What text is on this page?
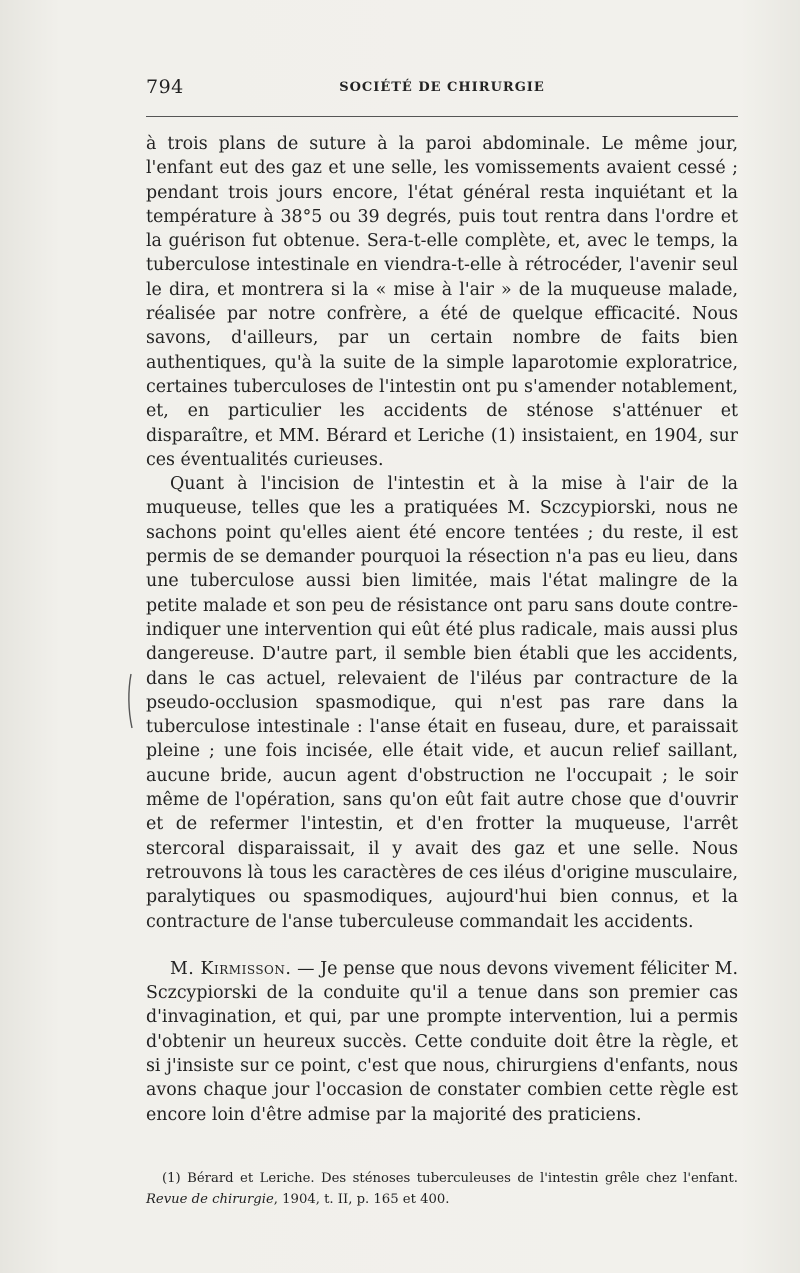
794	SOCIÉTÉ DE CHIRURGIE

à trois plans de suture à la paroi abdominale. Le même jour, l'enfant eut des gaz et une selle, les vomissements avaient cessé ; pendant trois jours encore, l'état général resta inquiétant et la température à 38°5 ou 39 degrés, puis tout rentra dans l'ordre et la guérison fut obtenue. Sera-t-elle complète, et, avec le temps, la tuberculose intestinale en viendra-t-elle à rétrocéder, l'avenir seul le dira, et montrera si la « mise à l'air » de la muqueuse malade, réalisée par notre confrère, a été de quelque efficacité. Nous savons, d'ailleurs, par un certain nombre de faits bien authentiques, qu'à la suite de la simple laparotomie exploratrice, certaines tuberculoses de l'intestin ont pu s'amender notablement, et, en particulier les accidents de sténose s'atténuer et disparaître, et MM. Bérard et Leriche (1) insistaient, en 1904, sur ces éventualités curieuses.

Quant à l'incision de l'intestin et à la mise à l'air de la muqueuse, telles que les a pratiquées M. Sczcypiorski, nous ne sachons point qu'elles aient été encore tentées ; du reste, il est permis de se demander pourquoi la résection n'a pas eu lieu, dans une tuberculose aussi bien limitée, mais l'état malingre de la petite malade et son peu de résistance ont paru sans doute contre-indiquer une intervention qui eût été plus radicale, mais aussi plus dangereuse. D'autre part, il semble bien établi que les accidents, dans le cas actuel, relevaient de l'iléus par contracture de la pseudo-occlusion spasmodique, qui n'est pas rare dans la tuberculose intestinale : l'anse était en fuseau, dure, et paraissait pleine ; une fois incisée, elle était vide, et aucun relief saillant, aucune bride, aucun agent d'obstruction ne l'occupait ; le soir même de l'opération, sans qu'on eût fait autre chose que d'ouvrir et de refermer l'intestin, et d'en frotter la muqueuse, l'arrêt stercoral disparaissait, il y avait des gaz et une selle. Nous retrouvons là tous les caractères de ces iléus d'origine musculaire, paralytiques ou spasmodiques, aujourd'hui bien connus, et la contracture de l'anse tuberculeuse commandait les accidents.

M. Kirmisson. — Je pense que nous devons vivement féliciter M. Sczcypiorski de la conduite qu'il a tenue dans son premier cas d'invagination, et qui, par une prompte intervention, lui a permis d'obtenir un heureux succès. Cette conduite doit être la règle, et si j'insiste sur ce point, c'est que nous, chirurgiens d'enfants, nous avons chaque jour l'occasion de constater combien cette règle est encore loin d'être admise par la majorité des praticiens.

(1) Bérard et Leriche. Des sténoses tuberculeuses de l'intestin grêle chez l'enfant. Revue de chirurgie, 1904, t. II, p. 165 et 400.
